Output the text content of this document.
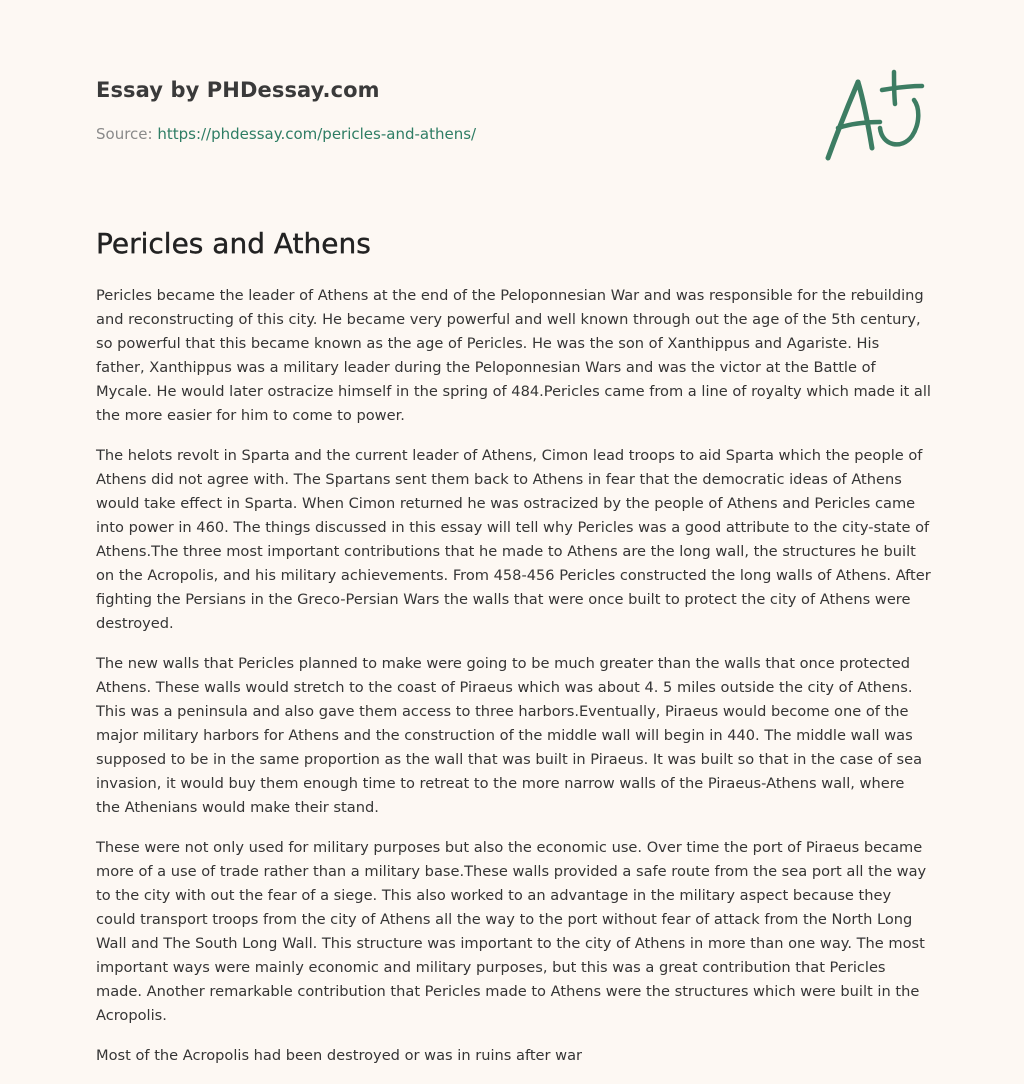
Essay by PHDessay.com
Source: https://phdessay.com/pericles-and-athens/
Pericles and Athens

Pericles became the leader of Athens at the end of the Peloponnesian War and was responsible for the rebuilding and reconstructing of this city. He became very powerful and well known through out the age of the 5th century, so powerful that this became known as the age of Pericles. He was the son of Xanthippus and Agariste. His father, Xanthippus was a military leader during the Peloponnesian Wars and was the victor at the Battle of Mycale. He would later ostracize himself in the spring of 484.Pericles came from a line of royalty which made it all the more easier for him to come to power.

The helots revolt in Sparta and the current leader of Athens, Cimon lead troops to aid Sparta which the people of Athens did not agree with. The Spartans sent them back to Athens in fear that the democratic ideas of Athens would take effect in Sparta. When Cimon returned he was ostracized by the people of Athens and Pericles came into power in 460. The things discussed in this essay will tell why Pericles was a good attribute to the city-state of Athens.The three most important contributions that he made to Athens are the long wall, the structures he built on the Acropolis, and his military achievements. From 458-456 Pericles constructed the long walls of Athens. After fighting the Persians in the Greco-Persian Wars the walls that were once built to protect the city of Athens were destroyed.

The new walls that Pericles planned to make were going to be much greater than the walls that once protected Athens. These walls would stretch to the coast of Piraeus which was about 4. 5 miles outside the city of Athens. This was a peninsula and also gave them access to three harbors.Eventually, Piraeus would become one of the major military harbors for Athens and the construction of the middle wall will begin in 440. The middle wall was supposed to be in the same proportion as the wall that was built in Piraeus. It was built so that in the case of sea invasion, it would buy them enough time to retreat to the more narrow walls of the Piraeus-Athens wall, where the Athenians would make their stand.

These were not only used for military purposes but also the economic use. Over time the port of Piraeus became more of a use of trade rather than a military base.These walls provided a safe route from the sea port all the way to the city with out the fear of a siege. This also worked to an advantage in the military aspect because they could transport troops from the city of Athens all the way to the port without fear of attack from the North Long Wall and The South Long Wall. This structure was important to the city of Athens in more than one way. The most important ways were mainly economic and military purposes, but this was a great contribution that Pericles made. Another remarkable contribution that Pericles made to Athens were the structures which were built in the Acropolis.

Most of the Acropolis had been destroyed or was in ruins after war
